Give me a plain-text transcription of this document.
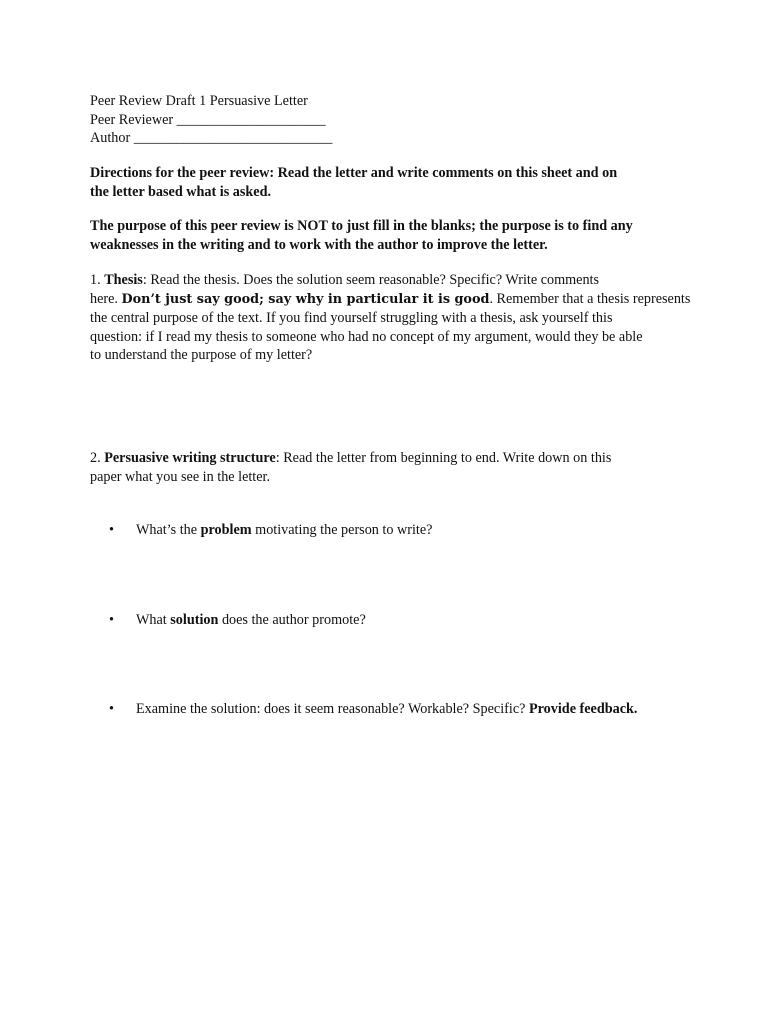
Peer Review Draft 1 Persuasive Letter
Peer Reviewer _____________________
Author ____________________________
Directions for the peer review: Read the letter and write comments on this sheet and on
the letter based what is asked.
The purpose of this peer review is NOT to just fill in the blanks; the purpose is to find any
weaknesses in the writing and to work with the author to improve the letter.
1. Thesis: Read the thesis. Does the solution seem reasonable? Specific? Write comments
here. Don’t just say good; say why in particular it is good. Remember that a thesis represents
the central purpose of the text. If you find yourself struggling with a thesis, ask yourself this
question: if I read my thesis to someone who had no concept of my argument, would they be able
to understand the purpose of my letter?
2. Persuasive writing structure: Read the letter from beginning to end. Write down on this
paper what you see in the letter.
• What’s the problem motivating the person to write?
• What solution does the author promote?
• Examine the solution: does it seem reasonable? Workable? Specific? Provide feedback.
